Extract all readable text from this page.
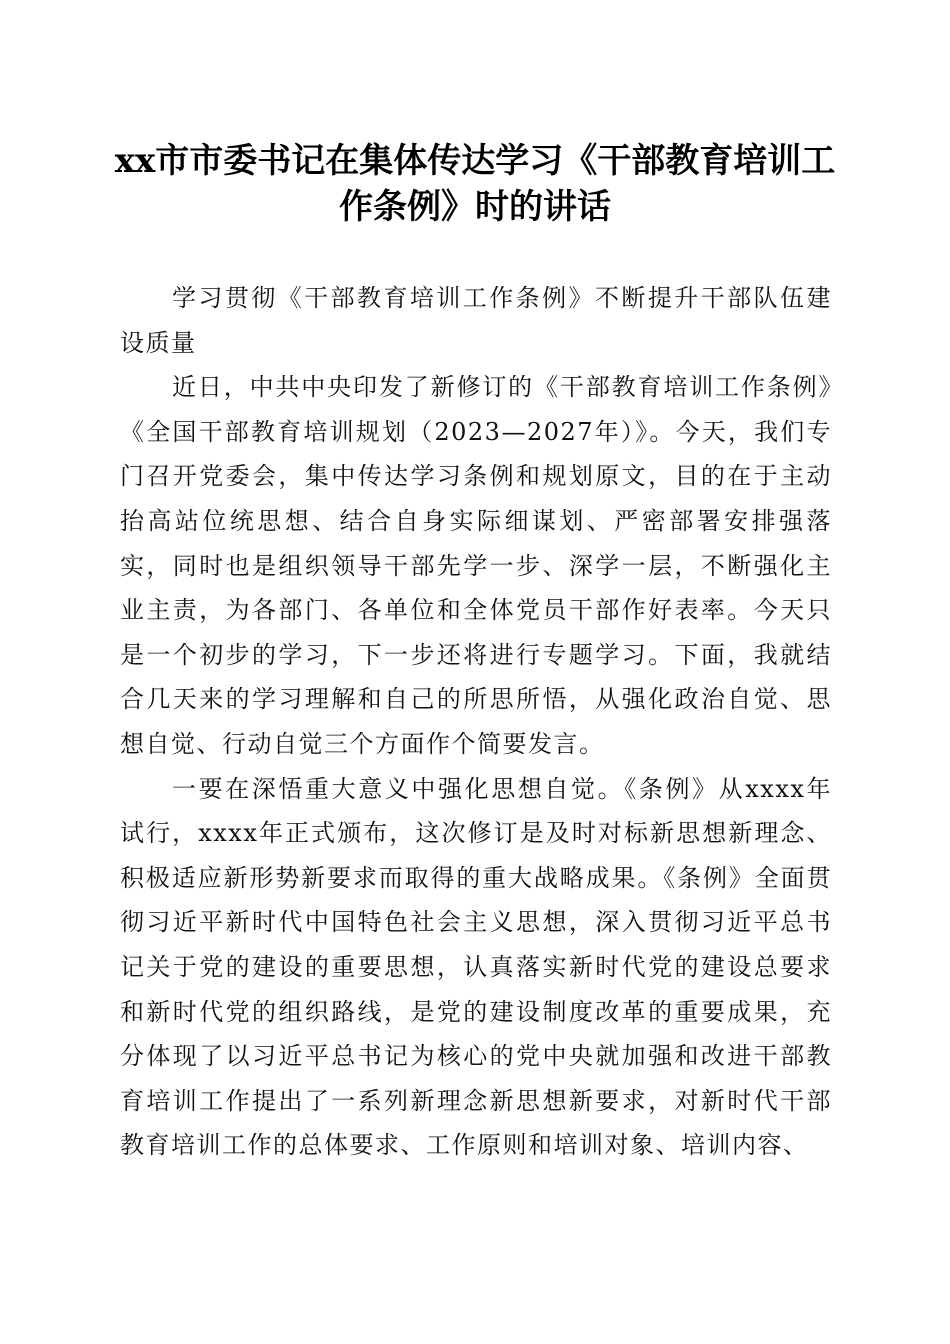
xx市市委书记在集体传达学习《干部教育培训工作条例》时的讲话

学习贯彻《干部教育培训工作条例》不断提升干部队伍建设质量

近日，中共中央印发了新修订的《干部教育培训工作条例》《全国干部教育培训规划（2023—2027年）》。今天，我们专门召开党委会，集中传达学习条例和规划原文，目的在于主动抬高站位统思想、结合自身实际细谋划、严密部署安排强落实，同时也是组织领导干部先学一步、深学一层，不断强化主业主责，为各部门、各单位和全体党员干部作好表率。今天只是一个初步的学习，下一步还将进行专题学习。下面，我就结合几天来的学习理解和自己的所思所悟，从强化政治自觉、思想自觉、行动自觉三个方面作个简要发言。

一要在深悟重大意义中强化思想自觉。《条例》从xxxx年试行，xxxx年正式颁布，这次修订是及时对标新思想新理念、积极适应新形势新要求而取得的重大战略成果。《条例》全面贯彻习近平新时代中国特色社会主义思想，深入贯彻习近平总书记关于党的建设的重要思想，认真落实新时代党的建设总要求和新时代党的组织路线，是党的建设制度改革的重要成果，充分体现了以习近平总书记为核心的党中央就加强和改进干部教育培训工作提出了一系列新理念新思想新要求，对新时代干部教育培训工作的总体要求、工作原则和培训对象、培训内容、
